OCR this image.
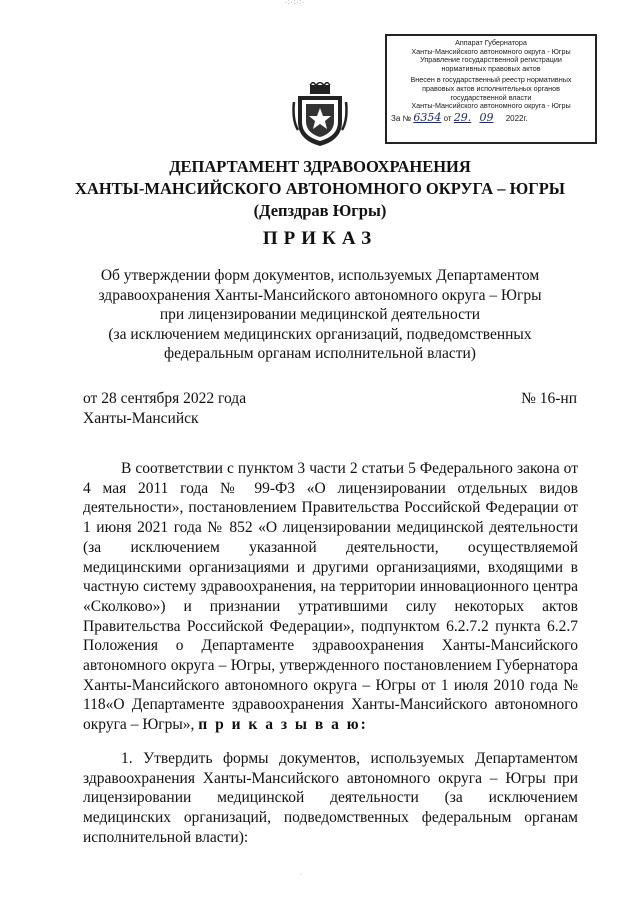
·:·:·:·
Аппарат Губернатора
Ханты-Мансийского автономного округа - Югры
Управление государственной регистрации
нормативных правовых актов
Внесен в государственный реестр нормативных
правовых актов исполнительных органов
государственной власти
Ханты-Мансийского автономного округа - Югры
За № 6354 от 29. 09 2022г.
ДЕПАРТАМЕНТ ЗДРАВООХРАНЕНИЯ
ХАНТЫ-МАНСИЙСКОГО АВТОНОМНОГО ОКРУГА – ЮГРЫ
(Депздрав Югры)
ПРИКАЗ
Об утверждении форм документов, используемых Департаментом
здравоохранения Ханты-Мансийского автономного округа – Югры
при лицензировании медицинской деятельности
(за исключением медицинских организаций, подведомственных
федеральным органам исполнительной власти)
от 28 сентября 2022 года
Ханты-Мансийск
№ 16-нп

В соответствии с пунктом 3 части 2 статьи 5 Федерального закона от 4 мая 2011 года № 99-ФЗ «О лицензировании отдельных видов деятельности», постановлением Правительства Российской Федерации от 1 июня 2021 года № 852 «О лицензировании медицинской деятельности (за исключением указанной деятельности, осуществляемой медицинскими организациями и другими организациями, входящими в частную систему здравоохранения, на территории инновационного центра «Сколково») и признании утратившими силу некоторых актов Правительства Российской Федерации», подпунктом 6.2.7.2 пункта 6.2.7 Положения о Департаменте здравоохранения Ханты-Мансийского автономного округа – Югры, утвержденного постановлением Губернатора Ханты-Мансийского автономного округа – Югры от 1 июля 2010 года № 118«О Департаменте здравоохранения Ханты-Мансийского автономного округа – Югры», п р и к а з ы в а ю:

1. Утвердить формы документов, используемых Департаментом здравоохранения Ханты-Мансийского автономного округа – Югры при лицензировании медицинской деятельности (за исключением медицинских организаций, подведомственных федеральным органам исполнительной власти):

·
